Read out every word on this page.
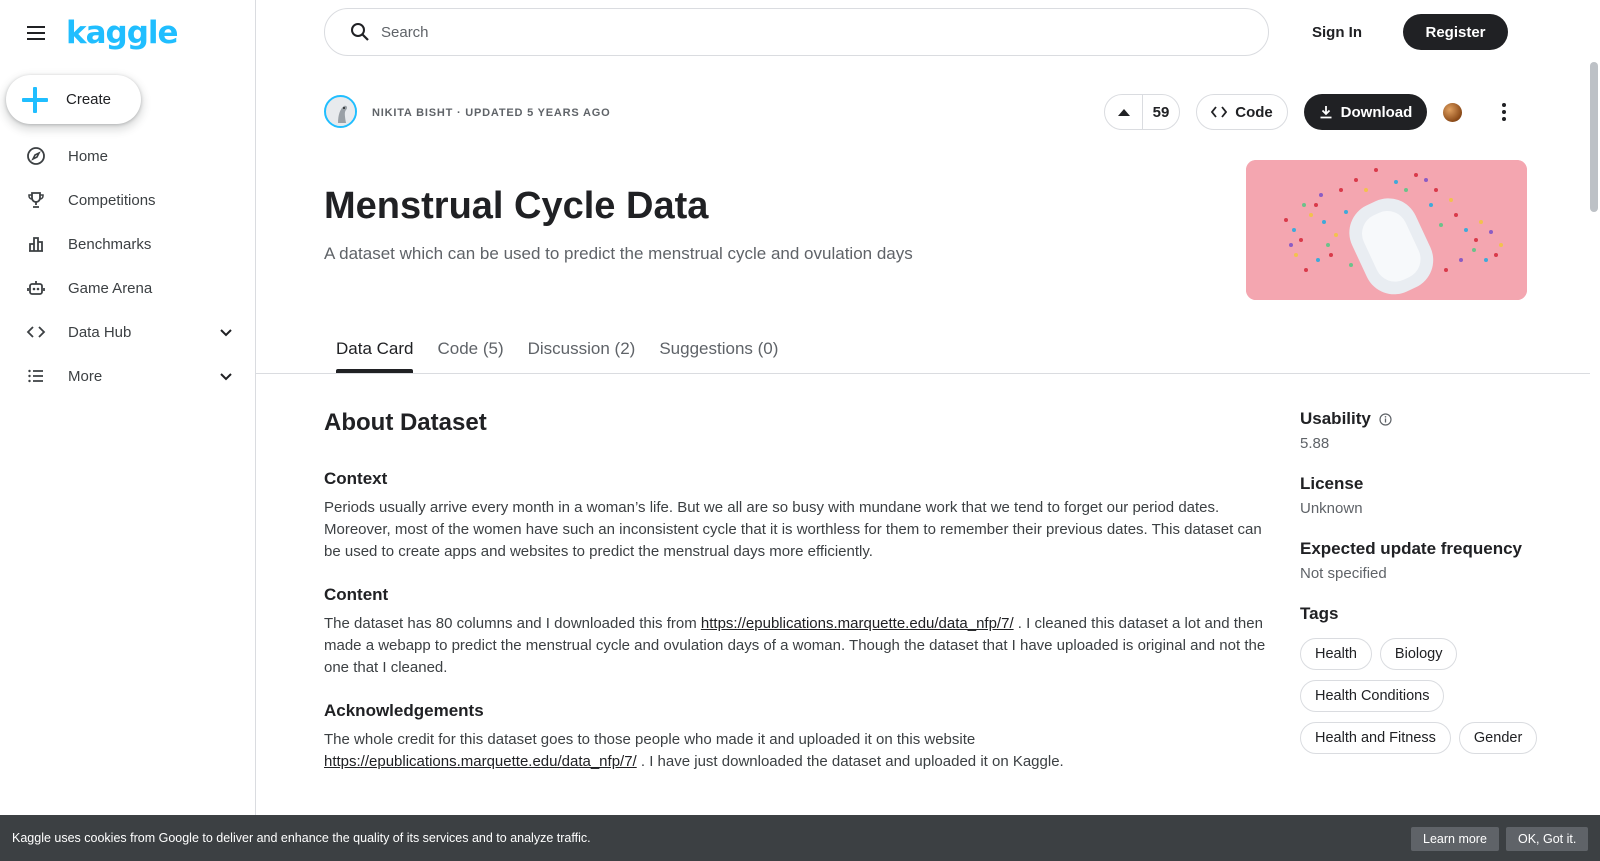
kaggle
Create
Home
Competitions
Benchmarks
Game Arena
Data Hub
More
Search
Sign In	Register
NIKITA BISHT · UPDATED 5 YEARS AGO	59	Code	Download
Menstrual Cycle Data
A dataset which can be used to predict the menstrual cycle and ovulation days
Data Card	Code (5)	Discussion (2)	Suggestions (0)
About Dataset
Context
Periods usually arrive every month in a woman’s life. But we all are so busy with mundane work that we tend to forget our period dates. Moreover, most of the women have such an inconsistent cycle that it is worthless for them to remember their previous dates. This dataset can be used to create apps and websites to predict the menstrual days more efficiently.
Content
The dataset has 80 columns and I downloaded this from https://epublications.marquette.edu/data_nfp/7/ . I cleaned this dataset a lot and then made a webapp to predict the menstrual cycle and ovulation days of a woman. Though the dataset that I have uploaded is original and not the one that I cleaned.
Acknowledgements
The whole credit for this dataset goes to those people who made it and uploaded it on this website https://epublications.marquette.edu/data_nfp/7/ . I have just downloaded the dataset and uploaded it on Kaggle.
Usability
5.88
License
Unknown
Expected update frequency
Not specified
Tags
Health	Biology
Health Conditions
Health and Fitness	Gender
Kaggle uses cookies from Google to deliver and enhance the quality of its services and to analyze traffic.	Learn more	OK, Got it.
